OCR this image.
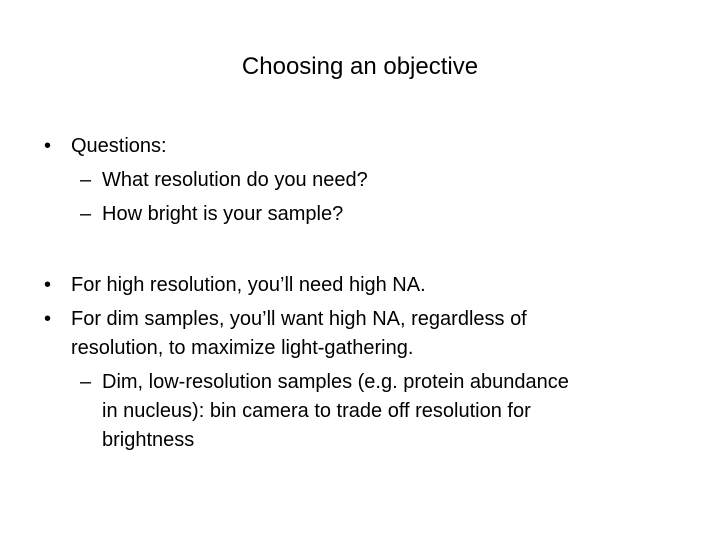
Choosing an objective
• Questions:
– What resolution do you need?
– How bright is your sample?
• For high resolution, you’ll need high NA.
• For dim samples, you’ll want high NA, regardless of
resolution, to maximize light-gathering.
– Dim, low-resolution samples (e.g. protein abundance
in nucleus): bin camera to trade off resolution for
brightness
